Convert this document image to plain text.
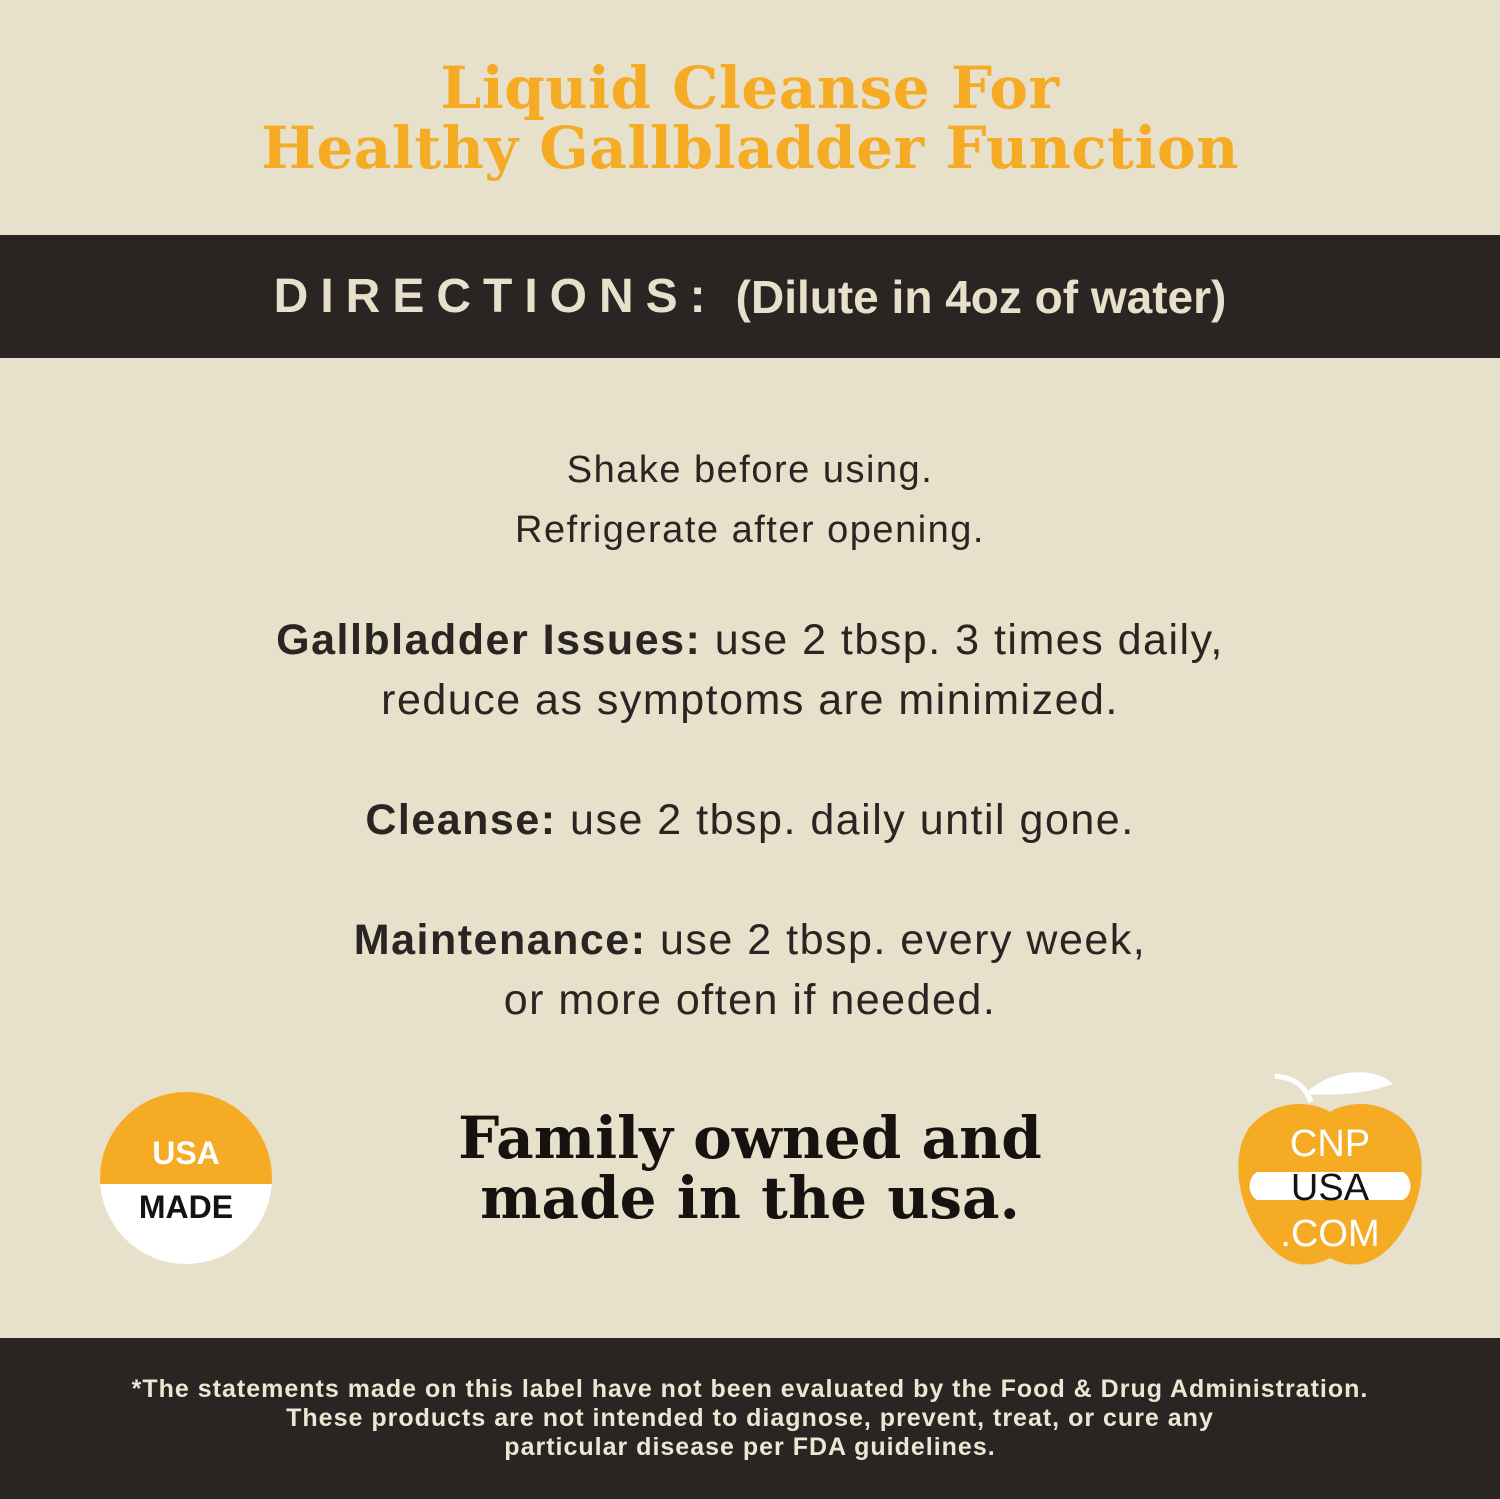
Liquid Cleanse For
Healthy Gallbladder Function
DIRECTIONS: (Dilute in 4oz of water)
Shake before using.
Refrigerate after opening.
Gallbladder Issues: use 2 tbsp. 3 times daily,
reduce as symptoms are minimized.
Cleanse: use 2 tbsp. daily until gone.
Maintenance: use 2 tbsp. every week,
or more often if needed.
USA
MADE
Family owned and
made in the usa.
CNP
USA
.COM
*The statements made on this label have not been evaluated by the Food & Drug Administration.
These products are not intended to diagnose, prevent, treat, or cure any
particular disease per FDA guidelines.
